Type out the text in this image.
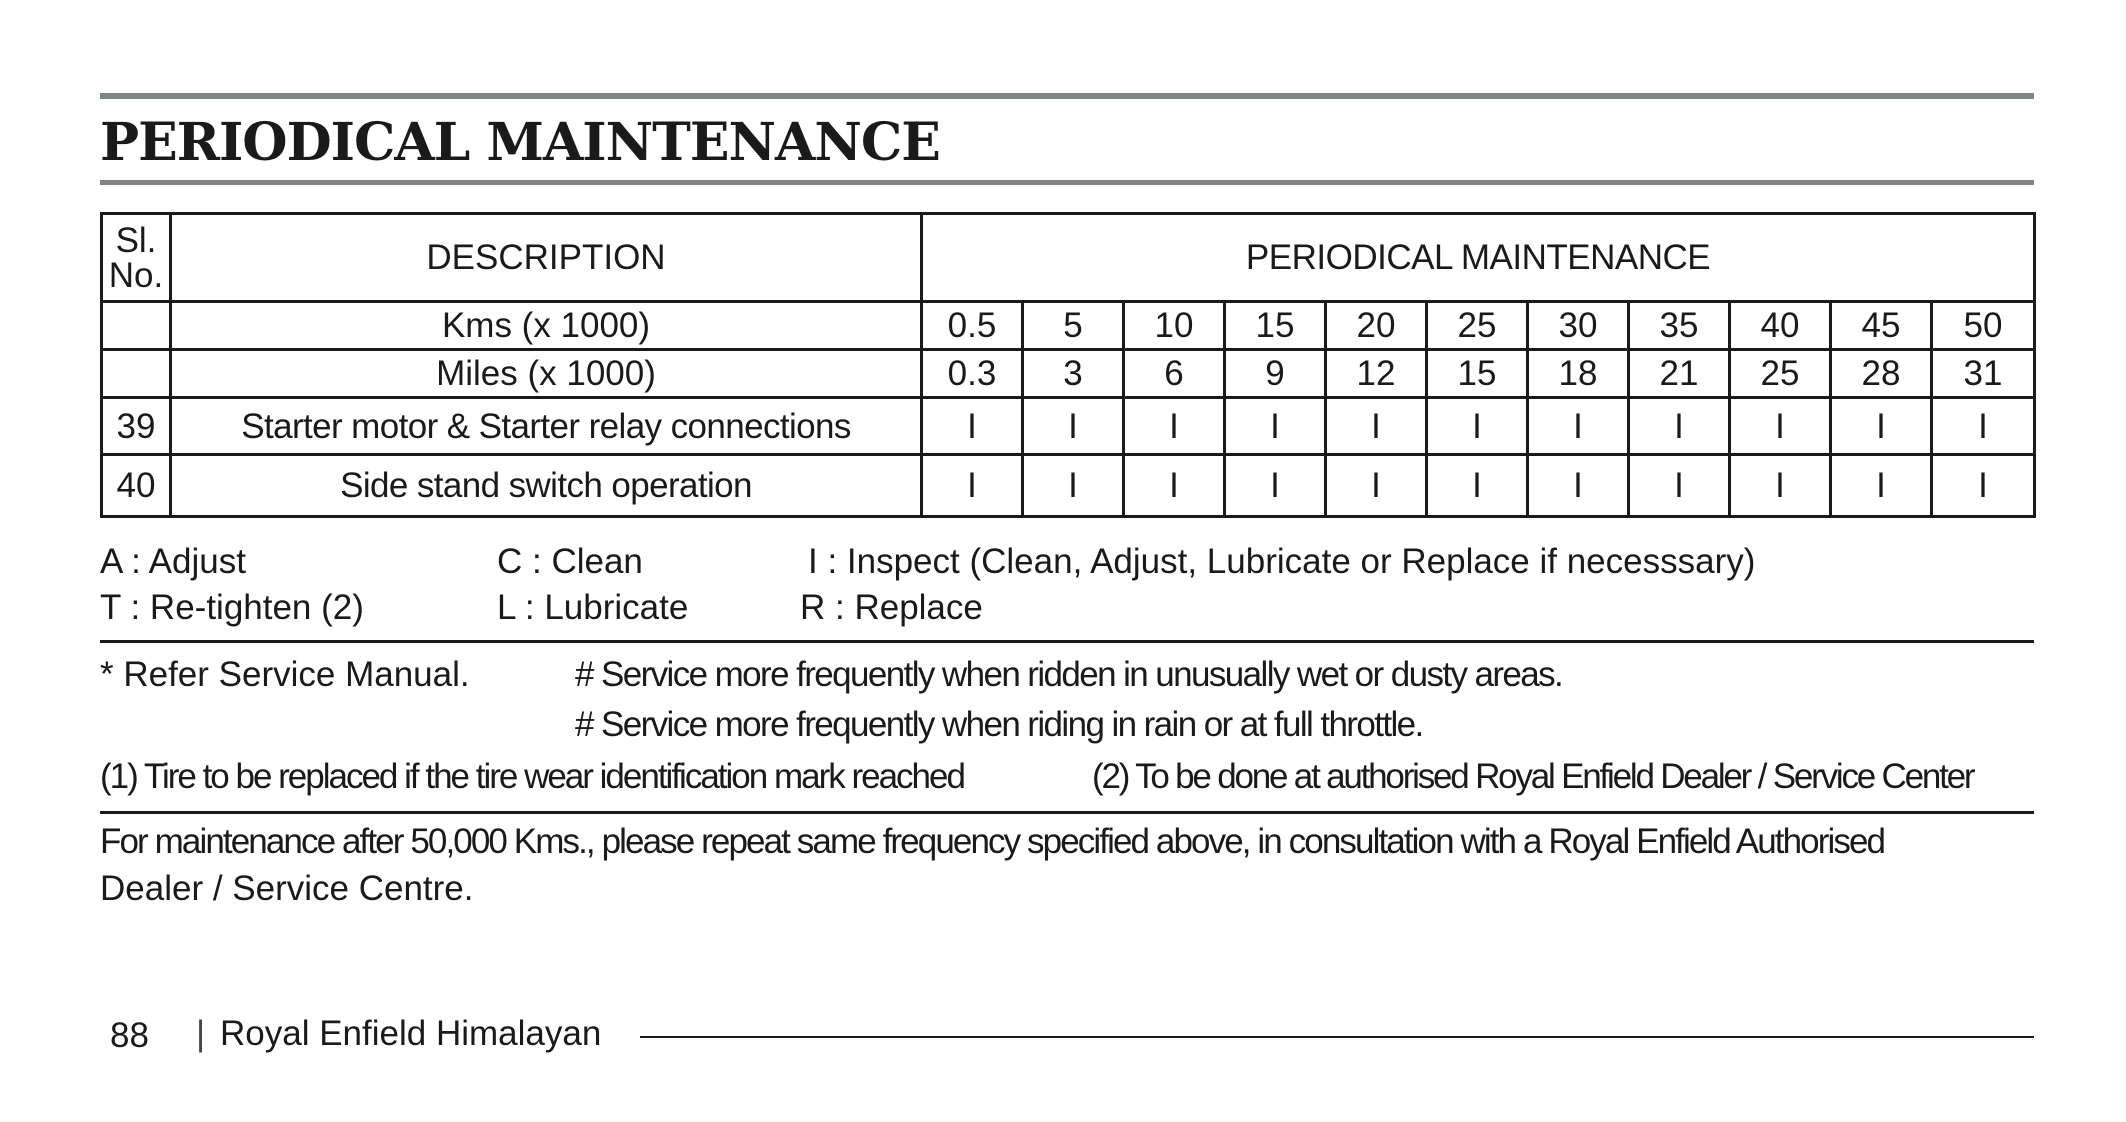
PERIODICAL MAINTENANCE
Sl.
No.	DESCRIPTION	PERIODICAL MAINTENANCE										
	Kms (x 1000)	0.5	5	10	15	20	25	30	35	40	45	50
	Miles (x 1000)	0.3	3	6	9	12	15	18	21	25	28	31
39	Starter motor & Starter relay connections	I	I	I	I	I	I	I	I	I	I	I
40	Side stand switch operation	I	I	I	I	I	I	I	I	I	I	I
A : Adjust	C : Clean	I : Inspect (Clean, Adjust, Lubricate or Replace if necesssary)
T : Re-tighten (2)	L : Lubricate	R : Replace
* Refer Service Manual.	# Service more frequently when ridden in unusually wet or dusty areas.
# Service more frequently when riding in rain or at full throttle.
(1) Tire to be replaced if the tire wear identification mark reached	(2) To be done at authorised Royal Enfield Dealer / Service Center
For maintenance after 50,000 Kms., please repeat same frequency specified above, in consultation with a Royal Enfield Authorised
Dealer / Service Centre.
88 | Royal Enfield Himalayan
